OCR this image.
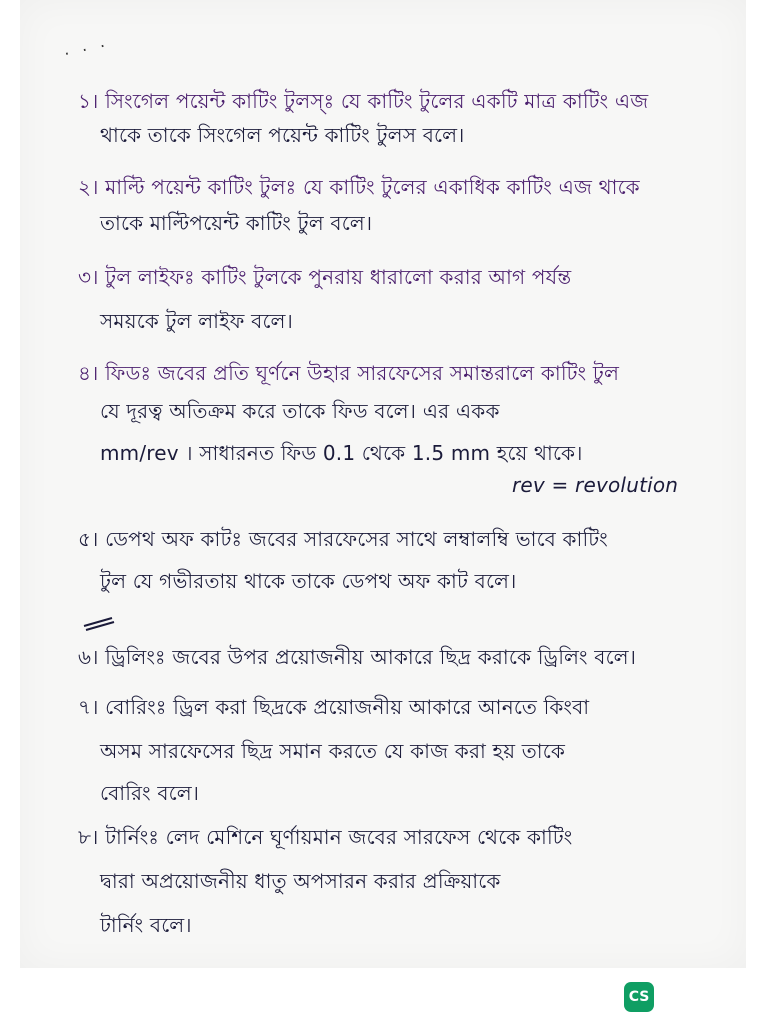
· · ·
১। সিংগেল পয়েন্ট কাটিং টুলস্‌ঃ যে কাটিং টুলের একটি মাত্র কাটিং এজ
থাকে তাকে সিংগেল পয়েন্ট কাটিং টুলস বলে।
২। মাল্টি পয়েন্ট কাটিং টুলঃ যে কাটিং টুলের একাধিক কাটিং এজ থাকে
তাকে মাল্টিপয়েন্ট কাটিং টুল বলে।
৩। টুল লাইফঃ কাটিং টুলকে পুনরায় ধারালো করার আগ পর্যন্ত
সময়কে টুল লাইফ বলে।
৪। ফিডঃ জবের প্রতি ঘূর্ণনে উহার সারফেসের সমান্তরালে কাটিং টুল
যে দূরত্ব অতিক্রম করে তাকে ফিড বলে। এর একক
mm/rev । সাধারনত ফিড 0.1 থেকে 1.5 mm হয়ে থাকে।
rev = revolution
৫। ডেপথ অফ কাটঃ জবের সারফেসের সাথে লম্বালম্বি ভাবে কাটিং
টুল যে গভীরতায় থাকে তাকে ডেপথ অফ কাট বলে।
৬। ড্রিলিংঃ জবের উপর প্রয়োজনীয় আকারে ছিদ্র করাকে ড্রিলিং বলে।
৭। বোরিংঃ ড্রিল করা ছিদ্রকে প্রয়োজনীয় আকারে আনতে কিংবা
অসম সারফেসের ছিদ্র সমান করতে যে কাজ করা হয় তাকে
বোরিং বলে।
৮। টার্নিংঃ লেদ মেশিনে ঘূর্ণায়মান জবের সারফেস থেকে কাটিং
দ্বারা অপ্রয়োজনীয় ধাতু অপসারন করার প্রক্রিয়াকে
টার্নিং বলে।
CS
